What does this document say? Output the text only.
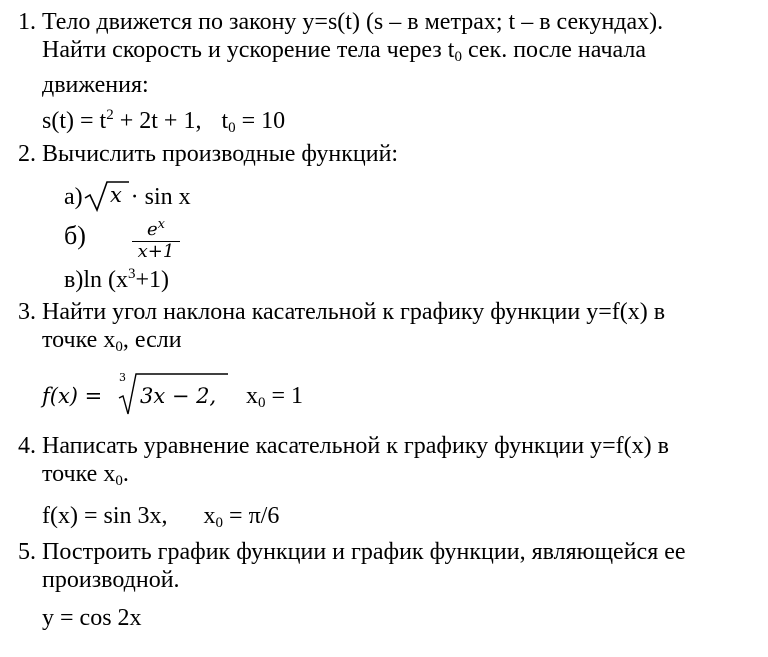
1. Тело движется по закону y=s(t) (s – в метрах; t – в секундах).
Найти скорость и ускорение тела через $t_0$ сек. после начала
движения:
$s(t) = t^2 + 2t + 1$, $t_0 = 10$
2. Вычислить производные функций:
а) x · sin x
б)	$e^x$
x+1
в)ln $(x^3+1)$
3. Найти угол наклона касательной к графику функции y=f(x) в
точке $x_0$, если
f(x) =
3
3x − 2, $x_0 = 1$
4. Написать уравнение касательной к графику функции y=f(x) в
точке $x_0$.
f(x) = sin 3x, $x_0 = \pi/6$
5. Построить график функции и график функции, являющейся ее
производной.
y = cos 2x
